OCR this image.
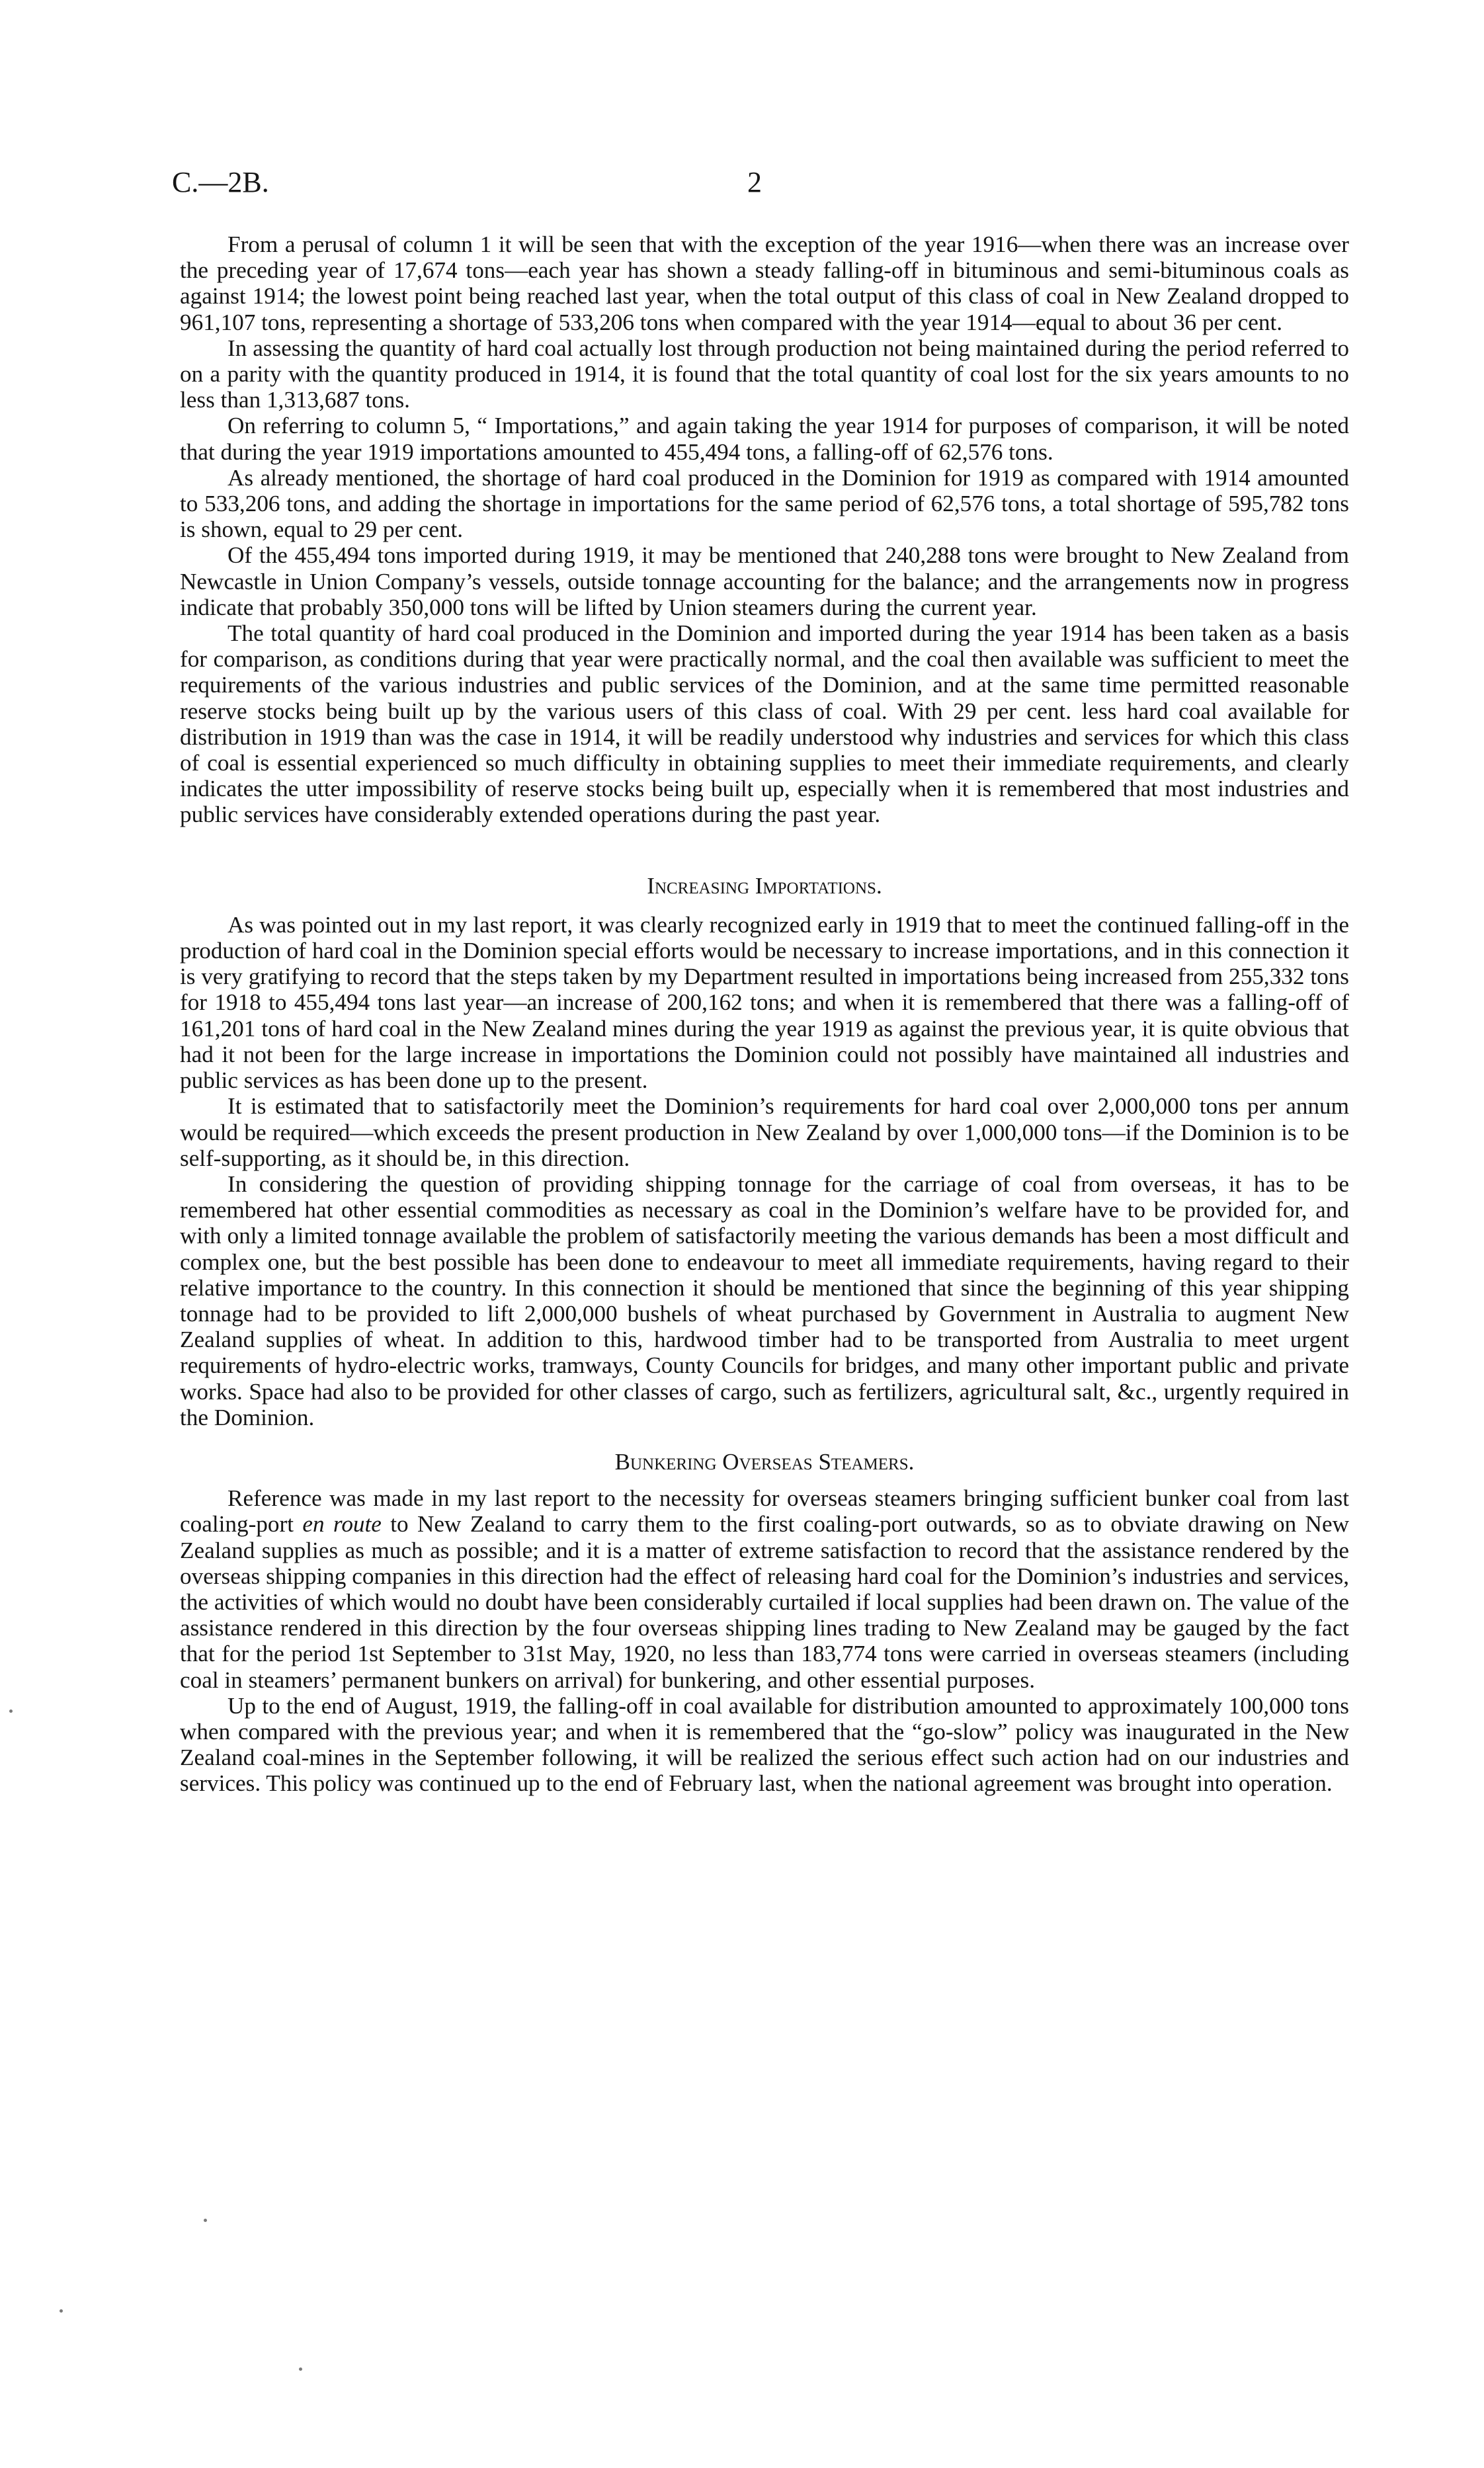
C.—2B.	2

From a perusal of column 1 it will be seen that with the exception of the year 1916—when there was an increase over the preceding year of 17,674 tons—each year has shown a steady falling-off in bituminous and semi-bituminous coals as against 1914; the lowest point being reached last year, when the total output of this class of coal in New Zealand dropped to 961,107 tons, representing a shortage of 533,206 tons when compared with the year 1914—equal to about 36 per cent.

In assessing the quantity of hard coal actually lost through production not being maintained during the period referred to on a parity with the quantity produced in 1914, it is found that the total quantity of coal lost for the six years amounts to no less than 1,313,687 tons.

On referring to column 5, “ Importations,” and again taking the year 1914 for purposes of comparison, it will be noted that during the year 1919 importations amounted to 455,494 tons, a falling-off of 62,576 tons.

As already mentioned, the shortage of hard coal produced in the Dominion for 1919 as compared with 1914 amounted to 533,206 tons, and adding the shortage in importations for the same period of 62,576 tons, a total shortage of 595,782 tons is shown, equal to 29 per cent.

Of the 455,494 tons imported during 1919, it may be mentioned that 240,288 tons were brought to New Zealand from Newcastle in Union Company’s vessels, outside tonnage accounting for the balance; and the arrangements now in progress indicate that probably 350,000 tons will be lifted by Union steamers during the current year.

The total quantity of hard coal produced in the Dominion and imported during the year 1914 has been taken as a basis for comparison, as conditions during that year were practically normal, and the coal then available was sufficient to meet the requirements of the various industries and public services of the Dominion, and at the same time permitted reasonable reserve stocks being built up by the various users of this class of coal. With 29 per cent. less hard coal available for distribution in 1919 than was the case in 1914, it will be readily understood why industries and services for which this class of coal is essential experienced so much difficulty in obtaining supplies to meet their immediate requirements, and clearly indicates the utter impossibility of reserve stocks being built up, especially when it is remembered that most industries and public services have considerably extended operations during the past year.

Increasing Importations.

As was pointed out in my last report, it was clearly recognized early in 1919 that to meet the continued falling-off in the production of hard coal in the Dominion special efforts would be necessary to increase importations, and in this connection it is very gratifying to record that the steps taken by my Department resulted in importations being increased from 255,332 tons for 1918 to 455,494 tons last year—an increase of 200,162 tons; and when it is remembered that there was a falling-off of 161,201 tons of hard coal in the New Zealand mines during the year 1919 as against the previous year, it is quite obvious that had it not been for the large increase in importations the Dominion could not possibly have maintained all industries and public services as has been done up to the present.

It is estimated that to satisfactorily meet the Dominion’s requirements for hard coal over 2,000,000 tons per annum would be required—which exceeds the present production in New Zealand by over 1,000,000 tons—if the Dominion is to be self-supporting, as it should be, in this direction.

In considering the question of providing shipping tonnage for the carriage of coal from overseas, it has to be remembered hat other essential commodities as necessary as coal in the Dominion’s welfare have to be provided for, and with only a limited tonnage available the problem of satisfactorily meeting the various demands has been a most difficult and complex one, but the best possible has been done to endeavour to meet all immediate requirements, having regard to their relative importance to the country. In this connection it should be mentioned that since the beginning of this year shipping tonnage had to be provided to lift 2,000,000 bushels of wheat purchased by Government in Australia to augment New Zealand supplies of wheat. In addition to this, hardwood timber had to be transported from Australia to meet urgent requirements of hydro-electric works, tramways, County Councils for bridges, and many other important public and private works. Space had also to be provided for other classes of cargo, such as fertilizers, agricultural salt, &c., urgently required in the Dominion.

Bunkering Overseas Steamers.

Reference was made in my last report to the necessity for overseas steamers bringing sufficient bunker coal from last coaling-port en route to New Zealand to carry them to the first coaling-port outwards, so as to obviate drawing on New Zealand supplies as much as possible; and it is a matter of extreme satisfaction to record that the assistance rendered by the overseas shipping companies in this direction had the effect of releasing hard coal for the Dominion’s industries and services, the activities of which would no doubt have been considerably curtailed if local supplies had been drawn on. The value of the assistance rendered in this direction by the four overseas shipping lines trading to New Zealand may be gauged by the fact that for the period 1st September to 31st May, 1920, no less than 183,774 tons were carried in overseas steamers (including coal in steamers’ permanent bunkers on arrival) for bunkering, and other essential purposes.

Up to the end of August, 1919, the falling-off in coal available for distribution amounted to approximately 100,000 tons when compared with the previous year; and when it is remembered that the “go-slow” policy was inaugurated in the New Zealand coal-mines in the September following, it will be realized the serious effect such action had on our industries and services. This policy was continued up to the end of February last, when the national agreement was brought into operation.
